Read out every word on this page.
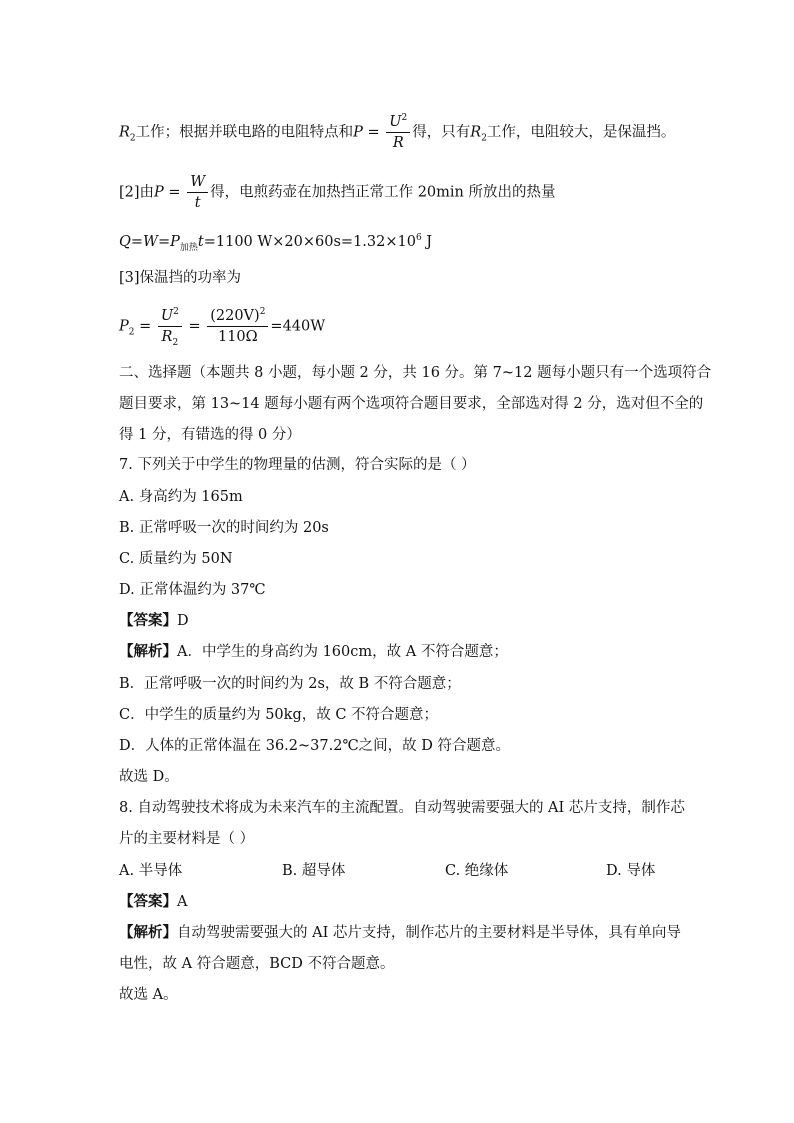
$R_2$工作；根据并联电路的电阻特点和$P = \frac{U^2}{R}$ 得，只有$R_2$工作，电阻较大，是保温挡。
[2]由$P = \frac{W}{t}$ 得，电煎药壶在加热挡正常工作 20min 所放出的热量
$Q=W=P_{加热}t=1100$ $W\times 20\times 60s=1.32\times 10^6$ J
[3]保温挡的功率为
$P_2 = \frac{U^2}{R_2} = \frac{(220V)^2}{110\Omega} =440W$
二、选择题（本题共 8 小题，每小题 2 分，共 16 分。第 7~12 题每小题只有一个选项符合
题目要求，第 13~14 题每小题有两个选项符合题目要求，全部选对得 2 分，选对但不全的
得 1 分，有错选的得 0 分）
7. 下列关于中学生的物理量的估测，符合实际的是（ ）
A. 身高约为 165m
B. 正常呼吸一次的时间约为 20s
C. 质量约为 50N
D. 正常体温约为 37℃
【答案】D
【解析】A．中学生的身高约为 160cm，故 A 不符合题意；
B．正常呼吸一次的时间约为 2s，故 B 不符合题意；
C．中学生的质量约为 50kg，故 C 不符合题意；
D．人体的正常体温在 36.2~37.2℃之间，故 D 符合题意。
故选 D。
8. 自动驾驶技术将成为未来汽车的主流配置。自动驾驶需要强大的 AI 芯片支持，制作芯
片的主要材料是（ ）
A. 半导体	B. 超导体	C. 绝缘体	D. 导体
【答案】A
【解析】自动驾驶需要强大的 AI 芯片支持，制作芯片的主要材料是半导体，具有单向导
电性，故 A 符合题意，BCD 不符合题意。
故选 A。
